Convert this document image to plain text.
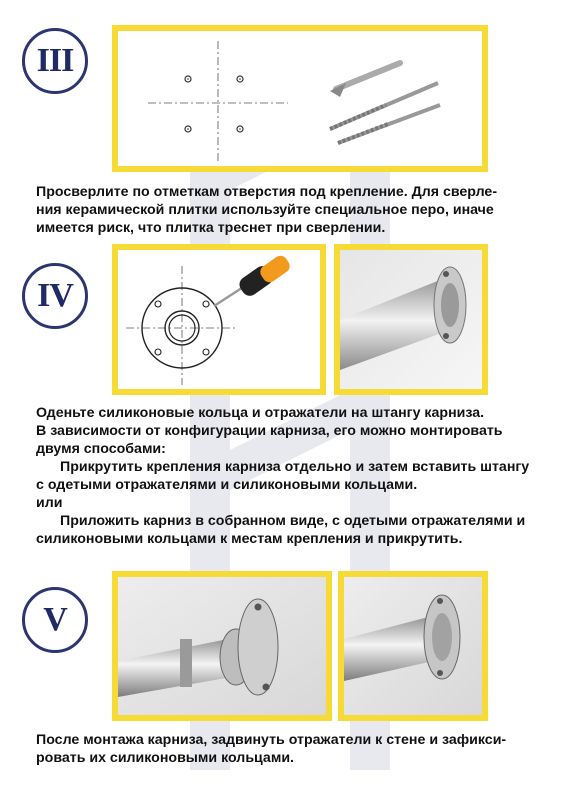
III

Просверлите по отметкам отверстия под крепление. Для сверле-

ния керамической плитки используйте специальное перо, иначе

имеется риск, что плитка треснет при сверлении.

IV

Оденьте силиконовые кольца и отражатели на штангу карниза.

В зависимости от конфигурации карниза, его можно монтировать

двумя способами:

Прикрутить крепления карниза отдельно и затем вставить штангу

с одетыми отражателями и силиконовыми кольцами.

или

Приложить карниз в собранном виде, с одетыми отражателями и

силиконовыми кольцами к местам крепления и прикрутить.

V

После монтажа карниза, задвинуть отражатели к стене и зафикси-

ровать их силиконовыми кольцами.
